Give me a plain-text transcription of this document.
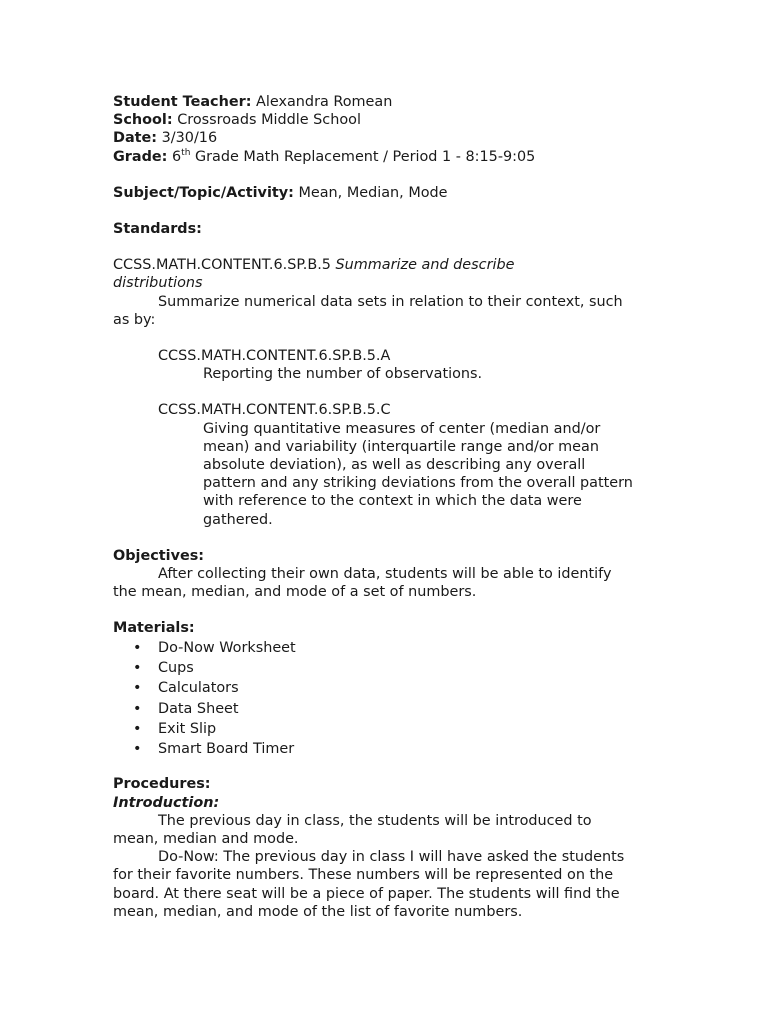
Student Teacher: Alexandra Romean
School: Crossroads Middle School
Date: 3/30/16
Grade: 6th Grade Math Replacement / Period 1 - 8:15-9:05
Subject/Topic/Activity: Mean, Median, Mode
Standards:
CCSS.MATH.CONTENT.6.SP.B.5 Summarize and describe
distributions
Summarize numerical data sets in relation to their context, such
as by:
CCSS.MATH.CONTENT.6.SP.B.5.A
Reporting the number of observations.
CCSS.MATH.CONTENT.6.SP.B.5.C
Giving quantitative measures of center (median and/or
mean) and variability (interquartile range and/or mean
absolute deviation), as well as describing any overall
pattern and any striking deviations from the overall pattern
with reference to the context in which the data were
gathered.
Objectives:
After collecting their own data, students will be able to identify
the mean, median, and mode of a set of numbers.
Materials:
• Do-Now Worksheet
• Cups
• Calculators
• Data Sheet
• Exit Slip
• Smart Board Timer
Procedures:
Introduction:
The previous day in class, the students will be introduced to
mean, median and mode.
Do-Now: The previous day in class I will have asked the students
for their favorite numbers. These numbers will be represented on the
board. At there seat will be a piece of paper. The students will find the
mean, median, and mode of the list of favorite numbers.
